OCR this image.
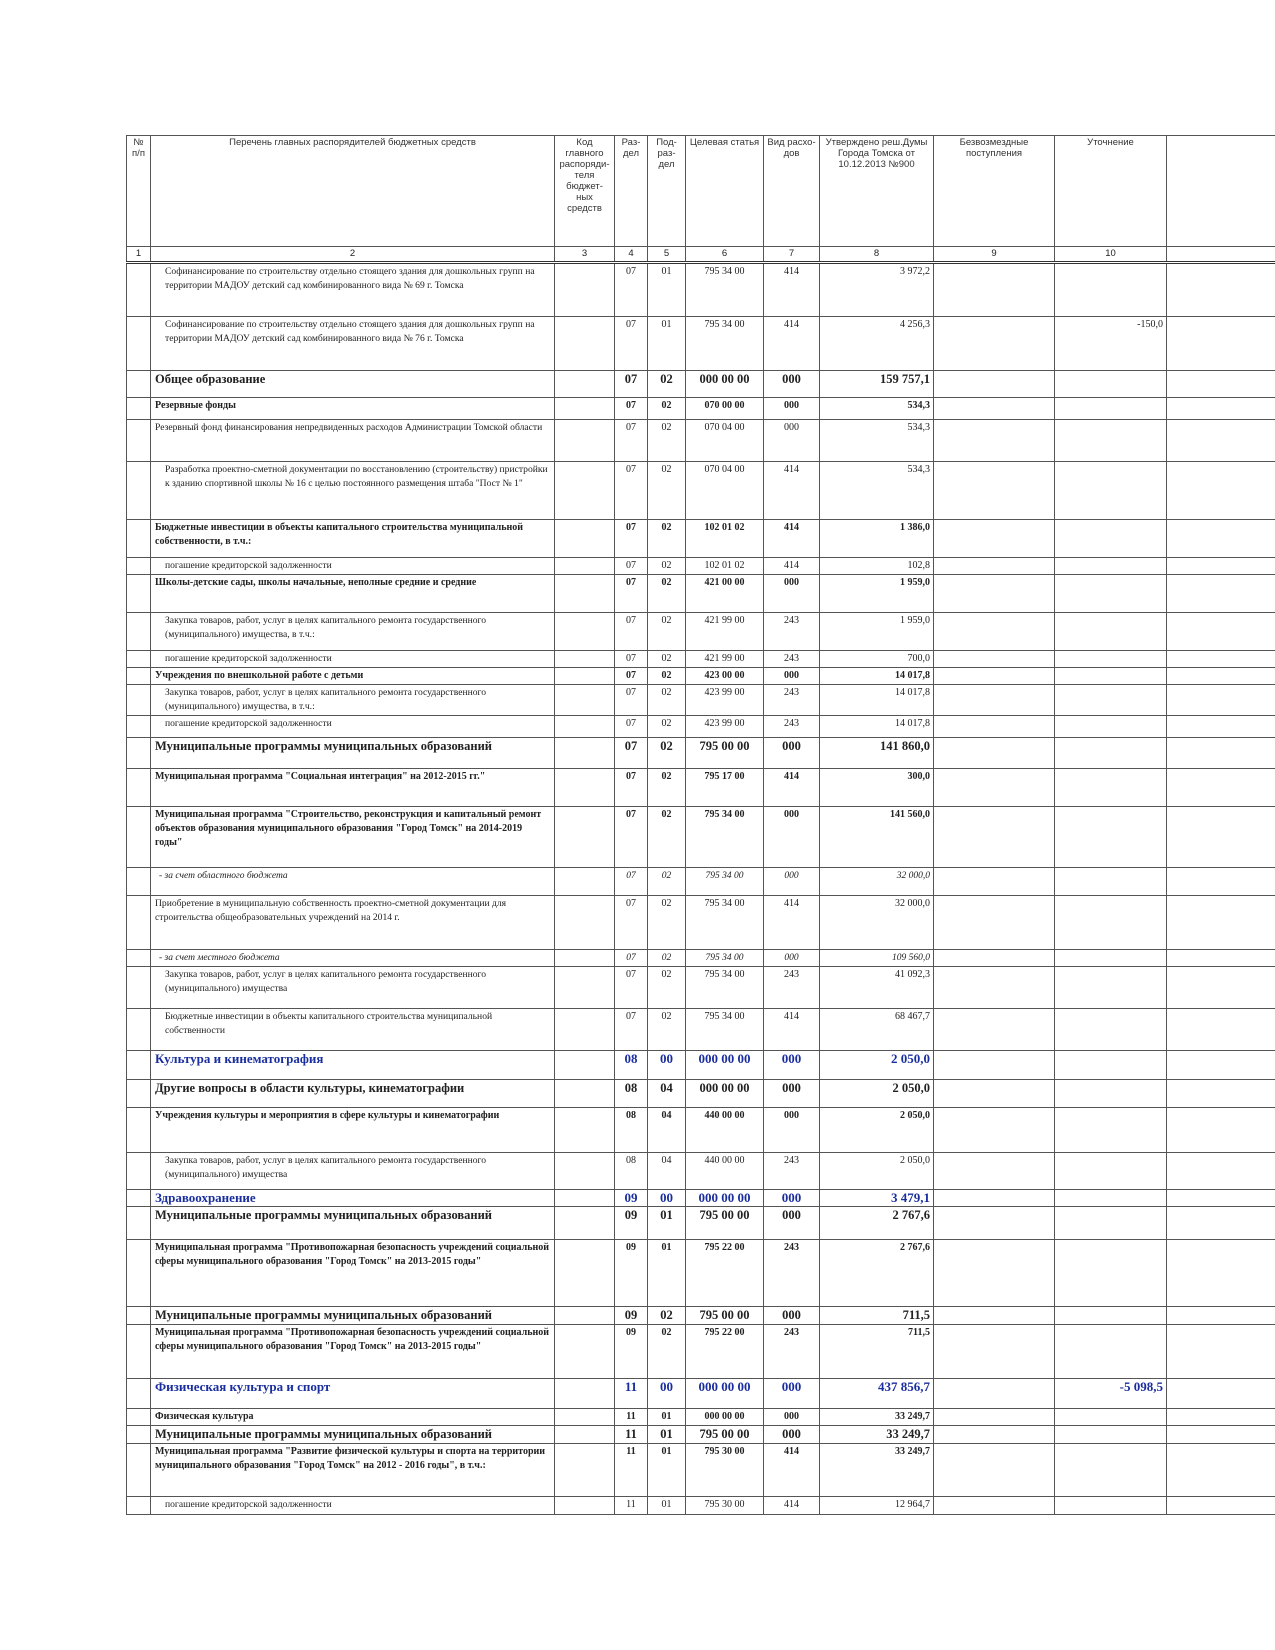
№ п/п	Перечень главных распорядителей бюджетных средств	Код главного распоряди- теля бюджет- ных средств	Раз- дел	Под- раз- дел	Целевая статья	Вид расхо- дов	Утверждено реш.Думы Города Томска от 10.12.2013 №900	Безвозмездные поступления	Уточнение	
1	2	3	4	5	6	7	8	9	10	
	Софинансирование по строительству отдельно стоящего здания для дошкольных групп на территории МАДОУ детский сад комбинированного вида № 69 г. Томска		07	01	795 34 00	414	3 972,2			
	Софинансирование по строительству отдельно стоящего здания для дошкольных групп на территории МАДОУ детский сад комбинированного вида № 76 г. Томска		07	01	795 34 00	414	4 256,3		-150,0	
	Общее образование		07	02	000 00 00	000	159 757,1			
	Резервные фонды		07	02	070 00 00	000	534,3			
	Резервный фонд финансирования непредвиденных расходов Администрации Томской области		07	02	070 04 00	000	534,3			
	Разработка проектно-сметной документации по восстановлению (строительству) пристройки к зданию спортивной школы № 16 с целью постоянного размещения штаба "Пост № 1"		07	02	070 04 00	414	534,3			
	Бюджетные инвестиции в объекты капитального строительства муниципальной собственности, в т.ч.:		07	02	102 01 02	414	1 386,0			
	погашение кредиторской задолженности		07	02	102 01 02	414	102,8			
	Школы-детские сады, школы начальные, неполные средние и средние		07	02	421 00 00	000	1 959,0			
	Закупка товаров, работ, услуг в целях капитального ремонта государственного (муниципального) имущества, в т.ч.:		07	02	421 99 00	243	1 959,0			
	погашение кредиторской задолженности		07	02	421 99 00	243	700,0			
	Учреждения по внешкольной работе с детьми		07	02	423 00 00	000	14 017,8			
	Закупка товаров, работ, услуг в целях капитального ремонта государственного (муниципального) имущества, в т.ч.:		07	02	423 99 00	243	14 017,8			
	погашение кредиторской задолженности		07	02	423 99 00	243	14 017,8			
	Муниципальные программы муниципальных образований		07	02	795 00 00	000	141 860,0			
	Муниципальная программа "Социальная интеграция" на 2012-2015 гг."		07	02	795 17 00	414	300,0			
	Муниципальная программа "Строительство, реконструкция и капитальный ремонт объектов образования муниципального образования "Город Томск" на 2014-2019 годы"		07	02	795 34 00	000	141 560,0			
	- за счет областного бюджета		07	02	795 34 00	000	32 000,0			
	Приобретение в муниципальную собственность проектно-сметной документации для строительства общеобразовательных учреждений на 2014 г.		07	02	795 34 00	414	32 000,0			
	- за счет местного бюджета		07	02	795 34 00	000	109 560,0			
	Закупка товаров, работ, услуг в целях капитального ремонта государственного (муниципального) имущества		07	02	795 34 00	243	41 092,3			
	Бюджетные инвестиции в объекты капитального строительства муниципальной собственности		07	02	795 34 00	414	68 467,7			
	Культура и кинематография		08	00	000 00 00	000	2 050,0			
	Другие вопросы в области культуры, кинематографии		08	04	000 00 00	000	2 050,0			
	Учреждения культуры и мероприятия в сфере культуры и кинематографии		08	04	440 00 00	000	2 050,0			
	Закупка товаров, работ, услуг в целях капитального ремонта государственного (муниципального) имущества		08	04	440 00 00	243	2 050,0			
	Здравоохранение		09	00	000 00 00	000	3 479,1			
	Муниципальные программы муниципальных образований		09	01	795 00 00	000	2 767,6			
	Муниципальная программа "Противопожарная безопасность учреждений социальной сферы муниципального образования "Город Томск" на 2013-2015 годы"		09	01	795 22 00	243	2 767,6			
	Муниципальные программы муниципальных образований		09	02	795 00 00	000	711,5			
	Муниципальная программа "Противопожарная безопасность учреждений социальной сферы муниципального образования "Город Томск" на 2013-2015 годы"		09	02	795 22 00	243	711,5			
	Физическая культура и спорт		11	00	000 00 00	000	437 856,7		-5 098,5	
	Физическая культура		11	01	000 00 00	000	33 249,7			
	Муниципальные программы муниципальных образований		11	01	795 00 00	000	33 249,7			
	Муниципальная программа "Развитие физической культуры и спорта на территории муниципального образования "Город Томск" на 2012 - 2016 годы", в т.ч.:		11	01	795 30 00	414	33 249,7			
	погашение кредиторской задолженности		11	01	795 30 00	414	12 964,7			
